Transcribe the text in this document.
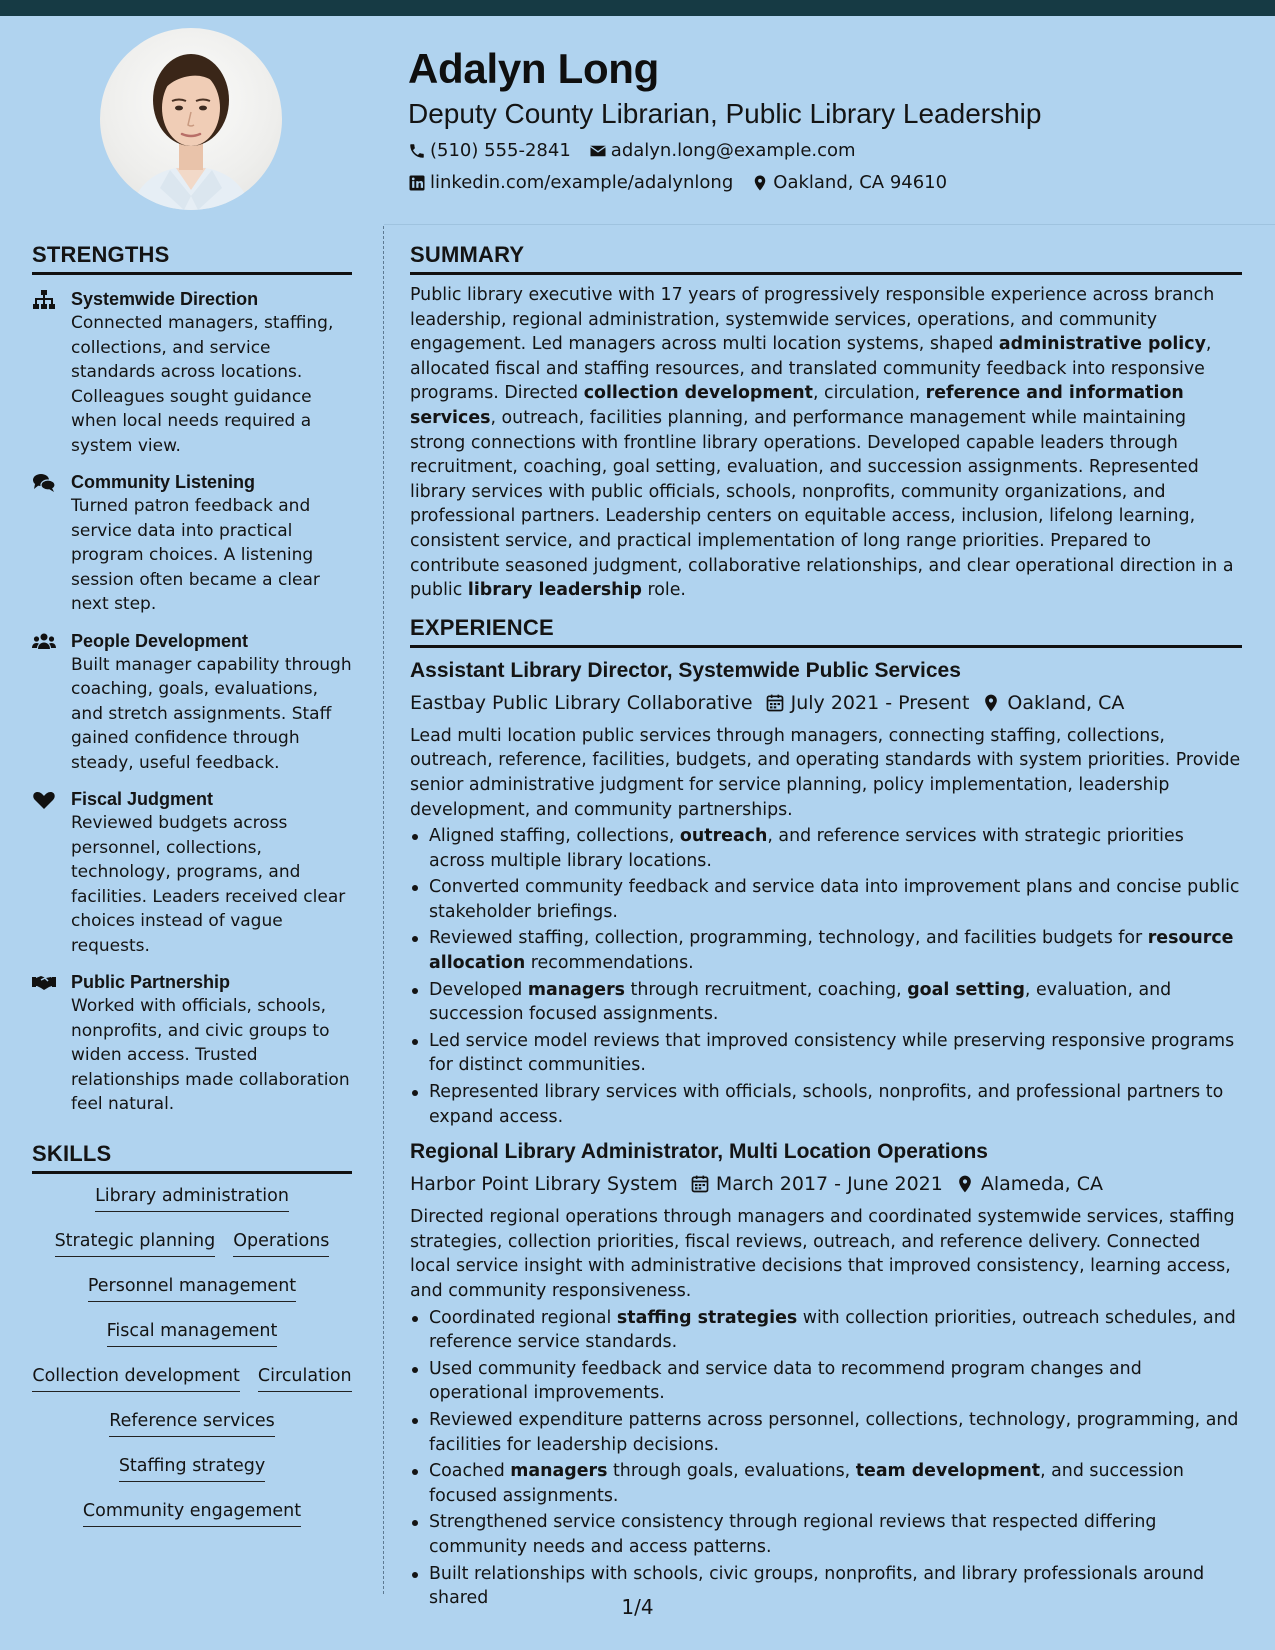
Adalyn Long
Deputy County Librarian, Public Library Leadership
(510) 555-2841 adalyn.long@example.com
linkedin.com/example/adalynlong Oakland, CA 94610
STRENGTHS
Systemwide Direction
Connected managers, staffing, collections, and service standards across locations. Colleagues sought guidance when local needs required a system view.
Community Listening
Turned patron feedback and service data into practical program choices. A listening session often became a clear next step.
People Development
Built manager capability through coaching, goals, evaluations, and stretch assignments. Staff gained confidence through steady, useful feedback.
Fiscal Judgment
Reviewed budgets across personnel, collections, technology, programs, and facilities. Leaders received clear choices instead of vague requests.
Public Partnership
Worked with officials, schools, nonprofits, and civic groups to widen access. Trusted relationships made collaboration feel natural.
SKILLS
Library administration
Strategic planning Operations
Personnel management
Fiscal management
Collection development Circulation
Reference services
Staffing strategy
Community engagement
SUMMARY

Public library executive with 17 years of progressively responsible experience across branch leadership, regional administration, systemwide services, operations, and community engagement. Led managers across multi location systems, shaped administrative policy, allocated fiscal and staffing resources, and translated community feedback into responsive programs. Directed collection development, circulation, reference and information services, outreach, facilities planning, and performance management while maintaining strong connections with frontline library operations. Developed capable leaders through recruitment, coaching, goal setting, evaluation, and succession assignments. Represented library services with public officials, schools, nonprofits, community organizations, and professional partners. Leadership centers on equitable access, inclusion, lifelong learning, consistent service, and practical implementation of long range priorities. Prepared to contribute seasoned judgment, collaborative relationships, and clear operational direction in a public library leadership role.

EXPERIENCE
Assistant Library Director, Systemwide Public Services
Eastbay Public Library Collaborative July 2021 - Present Oakland, CA

Lead multi location public services through managers, connecting staffing, collections, outreach, reference, facilities, budgets, and operating standards with system priorities. Provide senior administrative judgment for service planning, policy implementation, leadership development, and community partnerships.

Aligned staffing, collections, outreach, and reference services with strategic priorities across multiple library locations.
Converted community feedback and service data into improvement plans and concise public stakeholder briefings.
Reviewed staffing, collection, programming, technology, and facilities budgets for resource allocation recommendations.
Developed managers through recruitment, coaching, goal setting, evaluation, and succession focused assignments.
Led service model reviews that improved consistency while preserving responsive programs for distinct communities.
Represented library services with officials, schools, nonprofits, and professional partners to expand access.
Regional Library Administrator, Multi Location Operations
Harbor Point Library System March 2017 - June 2021 Alameda, CA

Directed regional operations through managers and coordinated systemwide services, staffing strategies, collection priorities, fiscal reviews, outreach, and reference delivery. Connected local service insight with administrative decisions that improved consistency, learning access, and community responsiveness.

Coordinated regional staffing strategies with collection priorities, outreach schedules, and reference service standards.
Used community feedback and service data to recommend program changes and operational improvements.
Reviewed expenditure patterns across personnel, collections, technology, programming, and facilities for leadership decisions.
Coached managers through goals, evaluations, team development, and succession focused assignments.
Strengthened service consistency through regional reviews that respected differing community needs and access patterns.
Built relationships with schools, civic groups, nonprofits, and library professionals around shared	1/4
